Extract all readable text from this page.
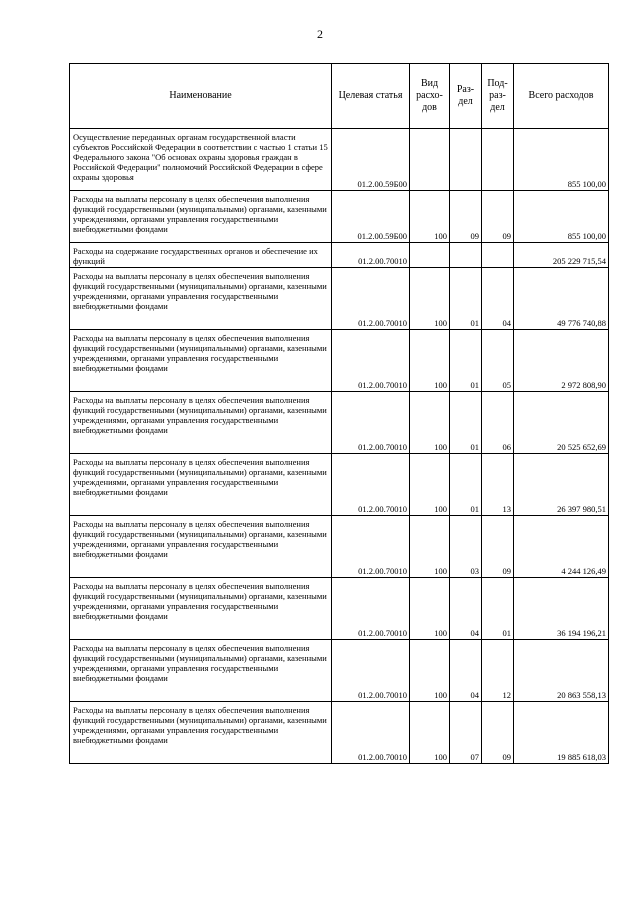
2
Наименование	Целевая статья	Вид расхо-дов	Раз-дел	Под-раз-дел	Всего расходов
Осуществление переданных органам государственной власти субъектов Российской Федерации в соответствии с частью 1 статьи 15 Федерального закона "Об основах охраны здоровья граждан в Российской Федерации" полномочий Российской Федерации в сфере охраны здоровья	01.2.00.59Б00				855 100,00
Расходы на выплаты персоналу в целях обеспечения выполнения функций государственными (муниципальными) органами, казенными учреждениями, органами управления государственными внебюджетными фондами	01.2.00.59Б00	100	09	09	855 100,00
Расходы на содержание государственных органов и обеспечение их функций	01.2.00.70010				205 229 715,54
Расходы на выплаты персоналу в целях обеспечения выполнения функций государственными (муниципальными) органами, казенными учреждениями, органами управления государственными внебюджетными фондами	01.2.00.70010	100	01	04	49 776 740,88
Расходы на выплаты персоналу в целях обеспечения выполнения функций государственными (муниципальными) органами, казенными учреждениями, органами управления государственными внебюджетными фондами	01.2.00.70010	100	01	05	2 972 808,90
Расходы на выплаты персоналу в целях обеспечения выполнения функций государственными (муниципальными) органами, казенными учреждениями, органами управления государственными внебюджетными фондами	01.2.00.70010	100	01	06	20 525 652,69
Расходы на выплаты персоналу в целях обеспечения выполнения функций государственными (муниципальными) органами, казенными учреждениями, органами управления государственными внебюджетными фондами	01.2.00.70010	100	01	13	26 397 980,51
Расходы на выплаты персоналу в целях обеспечения выполнения функций государственными (муниципальными) органами, казенными учреждениями, органами управления государственными внебюджетными фондами	01.2.00.70010	100	03	09	4 244 126,49
Расходы на выплаты персоналу в целях обеспечения выполнения функций государственными (муниципальными) органами, казенными учреждениями, органами управления государственными внебюджетными фондами	01.2.00.70010	100	04	01	36 194 196,21
Расходы на выплаты персоналу в целях обеспечения выполнения функций государственными (муниципальными) органами, казенными учреждениями, органами управления государственными внебюджетными фондами	01.2.00.70010	100	04	12	20 863 558,13
Расходы на выплаты персоналу в целях обеспечения выполнения функций государственными (муниципальными) органами, казенными учреждениями, органами управления государственными внебюджетными фондами	01.2.00.70010	100	07	09	19 885 618,03
